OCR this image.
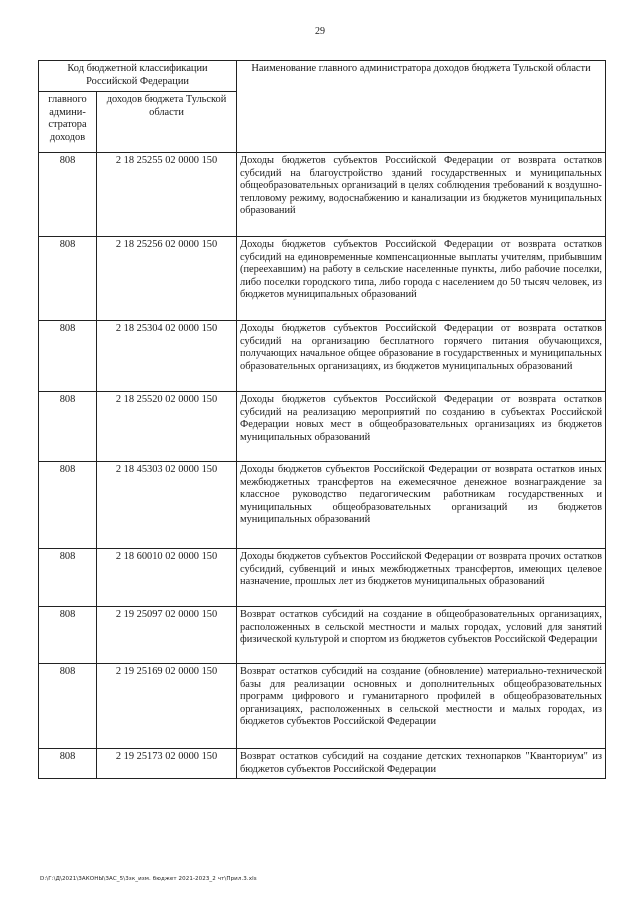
29
Код бюджетной классификации Российской Федерации		Наименование главного администратора доходов бюджета Тульской области
главного админи-стратора доходов	доходов бюджета Тульской области	
808	2 18 25255 02 0000 150	Доходы бюджетов субъектов Российской Федерации от возврата остатков субсидий на благоустройство зданий государственных и муниципальных общеобразовательных организаций в целях соблюдения требований к воздушно-тепловому режиму, водоснабжению и канализации из бюджетов муниципальных образований
808	2 18 25256 02 0000 150	Доходы бюджетов субъектов Российской Федерации от возврата остатков субсидий на единовременные компенсационные выплаты учителям, прибывшим (переехавшим) на работу в сельские населенные пункты, либо рабочие поселки, либо поселки городского типа, либо города с населением до 50 тысяч человек, из бюджетов муниципальных образований
808	2 18 25304 02 0000 150	Доходы бюджетов субъектов Российской Федерации от возврата остатков субсидий на организацию бесплатного горячего питания обучающихся, получающих начальное общее образование в государственных и муниципальных образовательных организациях, из бюджетов муниципальных образований
808	2 18 25520 02 0000 150	Доходы бюджетов субъектов Российской Федерации от возврата остатков субсидий на реализацию мероприятий по созданию в субъектах Российской Федерации новых мест в общеобразовательных организациях из бюджетов муниципальных образований
808	2 18 45303 02 0000 150	Доходы бюджетов субъектов Российской Федерации от возврата остатков иных межбюджетных трансфертов на ежемесячное денежное вознаграждение за классное руководство педагогическим работникам государственных и муниципальных общеобразовательных организаций из бюджетов муниципальных образований
808	2 18 60010 02 0000 150	Доходы бюджетов субъектов Российской Федерации от возврата прочих остатков субсидий, субвенций и иных межбюджетных трансфертов, имеющих целевое назначение, прошлых лет из бюджетов муниципальных образований
808	2 19 25097 02 0000 150	Возврат остатков субсидий на создание в общеобразовательных организациях, расположенных в сельской местности и малых городах, условий для занятий физической культурой и спортом из бюджетов субъектов Российской Федерации
808	2 19 25169 02 0000 150	Возврат остатков субсидий на создание (обновление) материально-технической базы для реализации основных и дополнительных общеобразовательных программ цифрового и гуманитарного профилей в общеобразовательных организациях, расположенных в сельской местности и малых городах, из бюджетов субъектов Российской Федерации
808	2 19 25173 02 0000 150	Возврат остатков субсидий на создание детских технопарков "Кванториум" из бюджетов субъектов Российской Федерации
D:\Г:\Д\2021\ЗАКОНЫ\ЗАС_5\3зк_изм. бюджет 2021-2023_2 чт\Прил.3.xls
